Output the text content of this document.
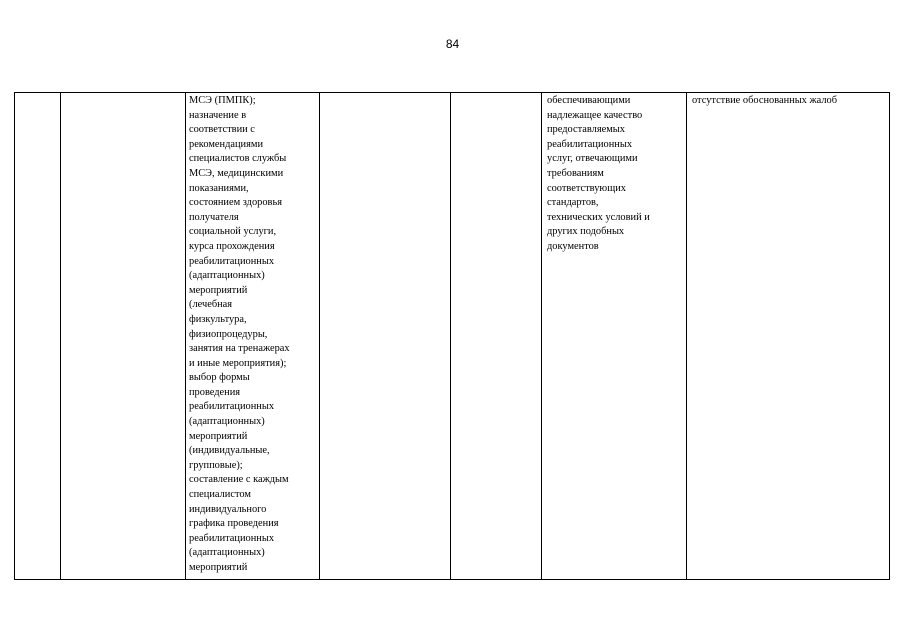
84
МСЭ (ПМПК);
назначение в
соответствии с
рекомендациями
специалистов службы
МСЭ, медицинскими
показаниями,
состоянием здоровья
получателя
социальной услуги,
курса прохождения
реабилитационных
(адаптационных)
мероприятий
(лечебная
физкультура,
физиопроцедуры,
занятия на тренажерах
и иные мероприятия);
выбор формы
проведения
реабилитационных
(адаптационных)
мероприятий
(индивидуальные,
групповые);
составление с каждым
специалистом
индивидуального
графика проведения
реабилитационных
(адаптационных)
мероприятий
обеспечивающими
надлежащее качество
предоставляемых
реабилитационных
услуг, отвечающими
требованиям
соответствующих
стандартов,
технических условий и
других подобных
документов
отсутствие обоснованных жалоб
